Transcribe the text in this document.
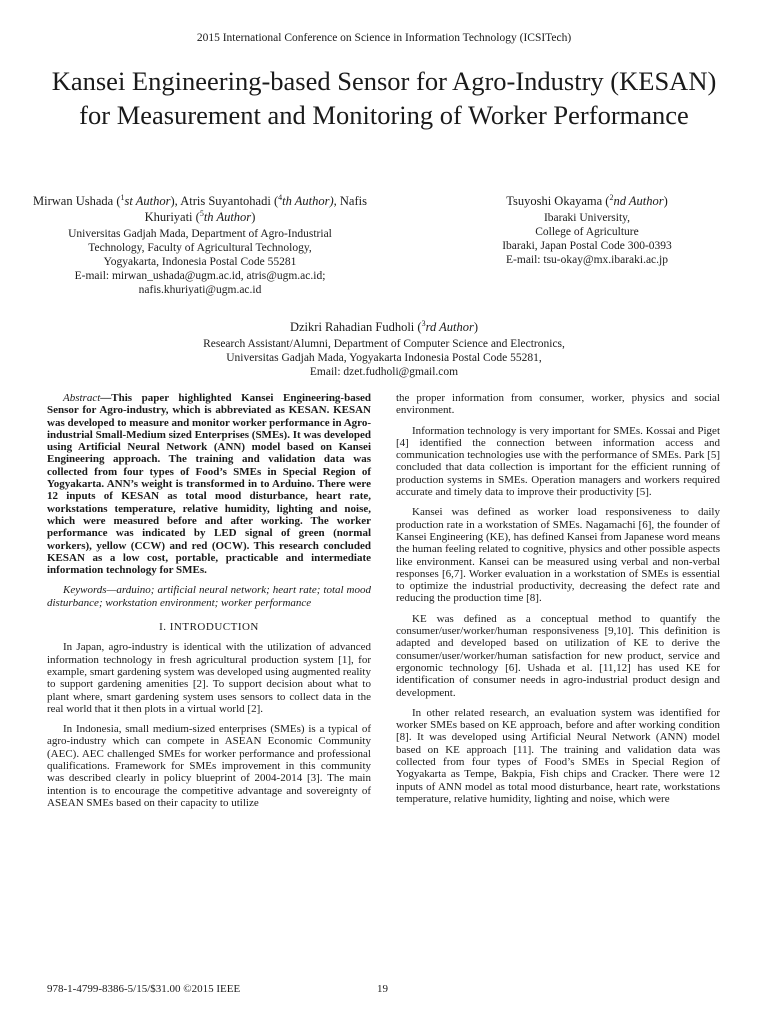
2015 International Conference on Science in Information Technology (ICSITech)
Kansei Engineering-based Sensor for Agro-Industry (KESAN) for Measurement and Monitoring of Worker Performance
Mirwan Ushada ($^1$st Author), Atris Suyantohadi ($^4$th Author), Nafis Khuriyati ($^5$th Author)
Universitas Gadjah Mada, Department of Agro-Industrial
Technology, Faculty of Agricultural Technology,
Yogyakarta, Indonesia Postal Code 55281
E-mail: mirwan_ushada@ugm.ac.id, atris@ugm.ac.id;
nafis.khuriyati@ugm.ac.id
Tsuyoshi Okayama ($^2$nd Author)
Ibaraki University,
College of Agriculture
Ibaraki, Japan Postal Code 300-0393
E-mail: tsu-okay@mx.ibaraki.ac.jp
Dzikri Rahadian Fudholi ($^3$rd Author)
Research Assistant/Alumni, Department of Computer Science and Electronics,
Universitas Gadjah Mada, Yogyakarta Indonesia Postal Code 55281,
Email: dzet.fudholi@gmail.com

Abstract—This paper highlighted Kansei Engineering-based Sensor for Agro-industry, which is abbreviated as KESAN. KESAN was developed to measure and monitor worker performance in Agro-industrial Small-Medium sized Enterprises (SMEs). It was developed using Artificial Neural Network (ANN) model based on Kansei Engineering approach. The training and validation data was collected from four types of Food’s SMEs in Special Region of Yogyakarta. ANN’s weight is transformed in to Arduino. There were 12 inputs of KESAN as total mood disturbance, heart rate, workstations temperature, relative humidity, lighting and noise, which were measured before and after working. The worker performance was indicated by LED signal of green (normal workers), yellow (CCW) and red (OCW). This research concluded KESAN as a low cost, portable, practicable and intermediate information technology for SMEs.

Keywords—arduino; artificial neural network; heart rate; total mood disturbance; workstation environment; worker performance

I. INTRODUCTION

In Japan, agro-industry is identical with the utilization of advanced information technology in fresh agricultural production system [1], for example, smart gardening system was developed using augmented reality to support gardening amenities [2]. To support decision about what to plant where, smart gardening system uses sensors to collect data in the real world that it then plots in a virtual world [2].

In Indonesia, small medium-sized enterprises (SMEs) is a typical of agro-industry which can compete in ASEAN Economic Community (AEC). AEC challenged SMEs for worker performance and professional qualifications. Framework for SMEs improvement in this community was described clearly in policy blueprint of 2004-2014 [3]. The main intention is to encourage the competitive advantage and sovereignty of ASEAN SMEs based on their capacity to utilize

the proper information from consumer, worker, physics and social environment.

Information technology is very important for SMEs. Kossai and Piget [4] identified the connection between information access and communication technologies use with the performance of SMEs. Park [5] concluded that data collection is important for the efficient running of production systems in SMEs. Operation managers and workers required accurate and timely data to improve their productivity [5].

Kansei was defined as worker load responsiveness to daily production rate in a workstation of SMEs. Nagamachi [6], the founder of Kansei Engineering (KE), has defined Kansei from Japanese word means the human feeling related to cognitive, physics and other possible aspects like environment. Kansei can be measured using verbal and non-verbal responses [6,7]. Worker evaluation in a workstation of SMEs is essential to optimize the industrial productivity, decreasing the defect rate and reducing the production time [8].

KE was defined as a conceptual method to quantify the consumer/user/worker/human responsiveness [9,10]. This definition is adapted and developed based on utilization of KE to derive the consumer/user/worker/human satisfaction for new product, service and ergonomic technology [6]. Ushada et al. [11,12] has used KE for identification of consumer needs in agro-industrial product design and development.

In other related research, an evaluation system was identified for worker SMEs based on KE approach, before and after working condition [8]. It was developed using Artificial Neural Network (ANN) model based on KE approach [11]. The training and validation data was collected from four types of Food’s SMEs in Special Region of Yogyakarta as Tempe, Bakpia, Fish chips and Cracker. There were 12 inputs of ANN model as total mood disturbance, heart rate, workstations temperature, relative humidity, lighting and noise, which were

978-1-4799-8386-5/15/$31.00 ©2015 IEEE	19
